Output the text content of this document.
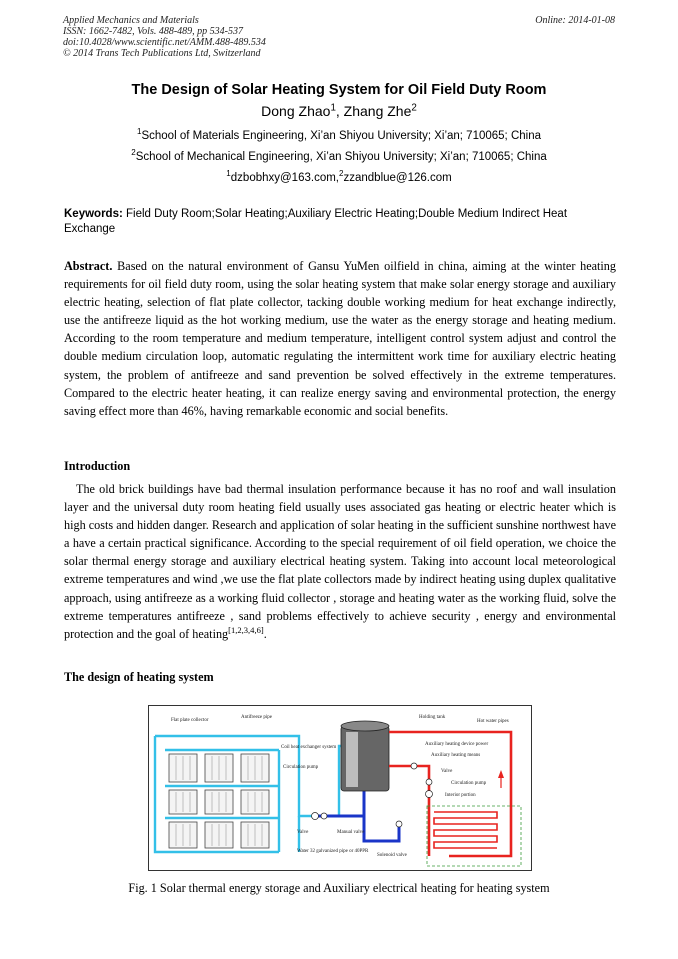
Applied Mechanics and Materials
ISSN: 1662-7482, Vols. 488-489, pp 534-537
doi:10.4028/www.scientific.net/AMM.488-489.534
© 2014 Trans Tech Publications Ltd, Switzerland
Online: 2014-01-08
The Design of Solar Heating System for Oil Field Duty Room
Dong Zhao$^1$, Zhang Zhe$^2$
$^1$School of Materials Engineering, Xi’an Shiyou University; Xi’an; 710065; China
$^2$School of Mechanical Engineering, Xi’an Shiyou University; Xi’an; 710065; China
$^1$dzbobhxy@163.com,$^2$zzandblue@126.com
Keywords: Field Duty Room;Solar Heating;Auxiliary Electric Heating;Double Medium Indirect Heat Exchange
Abstract. Based on the natural environment of Gansu YuMen oilfield in china, aiming at the winter heating requirements for oil field duty room, using the solar heating system that make solar energy storage and auxiliary electric heating, selection of flat plate collector, tacking double working medium for heat exchange indirectly, use the antifreeze liquid as the hot working medium, use the water as the energy storage and heating medium. According to the room temperature and medium temperature, intelligent control system adjust and control the double medium circulation loop, automatic regulating the intermittent work time for auxiliary electric heating system, the problem of antifreeze and sand prevention be solved effectively in the extreme temperatures. Compared to the electric heater heating, it can realize energy saving and environmental protection, the energy saving effect more than 46%, having remarkable economic and social benefits.
Introduction
The old brick buildings have bad thermal insulation performance because it has no roof and wall insulation layer and the universal duty room heating field usually uses associated gas heating or electric heater which is high costs and hidden danger. Research and application of solar heating in the sufficient sunshine northwest have a have a certain practical significance. According to the special requirement of oil field operation, we choice the solar thermal energy storage and auxiliary electrical heating system. Taking into account local meteorological extreme temperatures and wind ,we use the flat plate collectors made by indirect heating using duplex qualitative approach, using antifreeze as a working fluid collector , storage and heating water as the working fluid, solve the extreme temperatures antifreeze , sand problems effectively to achieve security , energy and environmental protection and the goal of heating[1,2,3,4,6].
The design of heating system
Flat plate collector
Antifreeze pipe	Holding tank
Hot water pipes
Coil heat exchanger system
Auxiliary heating device power
Auxiliary heating means
Circulation pump
Valve
Circulation pump
Interior portion
Valve	Manual valve
Water 32 galvanized pipe or 40PPR
Solenoid valve
Fig. 1 Solar thermal energy storage and Auxiliary electrical heating for heating system
